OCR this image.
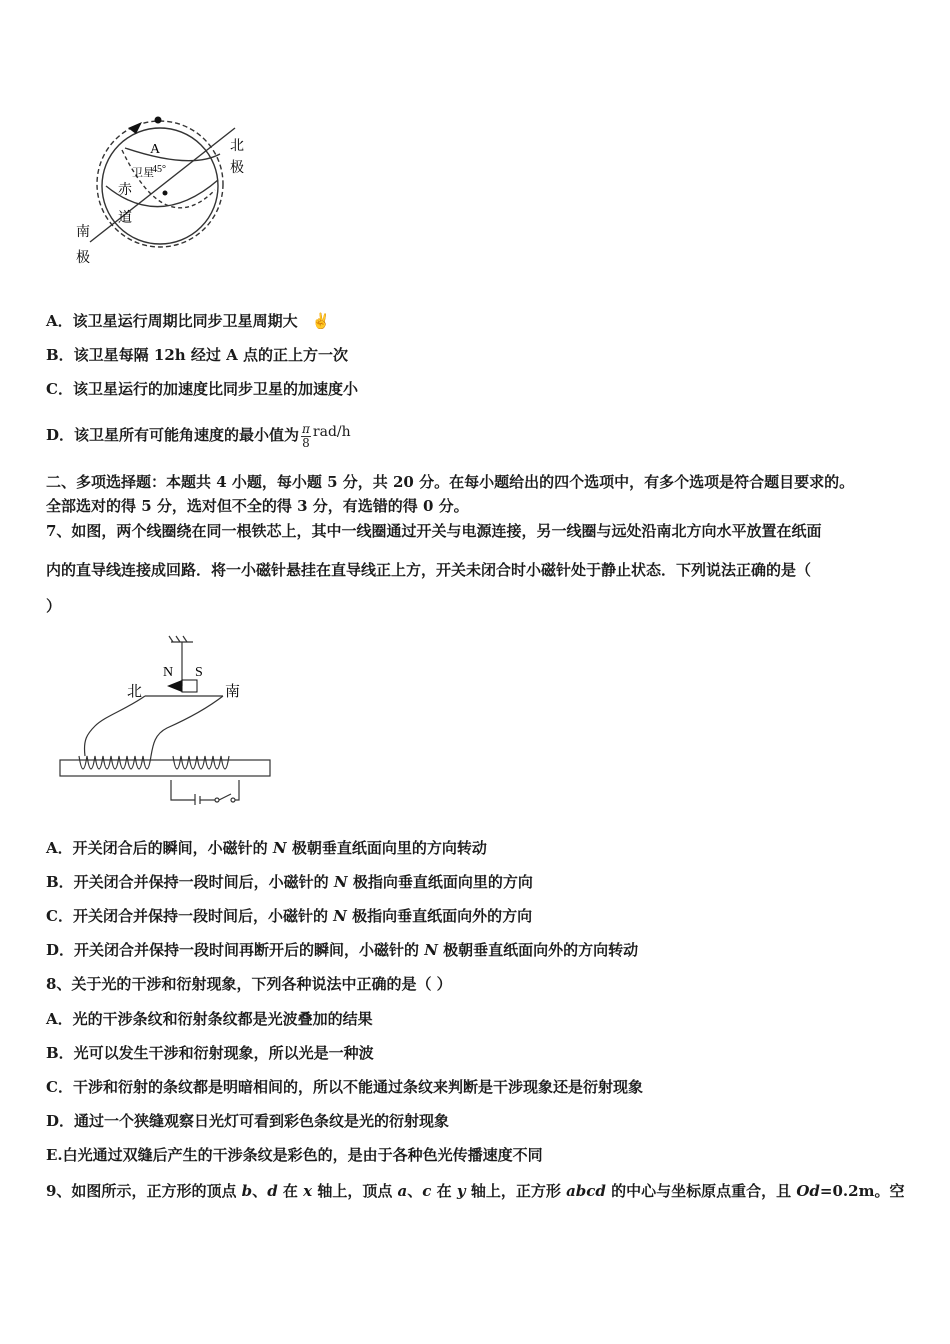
A
45°
卫星
北
极
赤
道
南
极
A．该卫星运行周期比同步卫星周期大 ✌
B．该卫星每隔 12h 经过 A 点的正上方一次
C．该卫星运行的加速度比同步卫星的加速度小
D．该卫星所有可能角速度的最小值为 $\frac{\pi}{8} rad/h$
二、多项选择题：本题共 4 小题，每小题 5 分，共 20 分。在每小题给出的四个选项中，有多个选项是符合题目要求的。
全部选对的得 5 分，选对但不全的得 3 分，有选错的得 0 分。
7、如图，两个线圈绕在同一根铁芯上，其中一线圈通过开关与电源连接，另一线圈与远处沿南北方向水平放置在纸面
内的直导线连接成回路．将一小磁针悬挂在直导线正上方，开关未闭合时小磁针处于静止状态．下列说法正确的是（
）
N S
北	南
A．开关闭合后的瞬间，小磁针的 N 极朝垂直纸面向里的方向转动
B．开关闭合并保持一段时间后，小磁针的 N 极指向垂直纸面向里的方向
C．开关闭合并保持一段时间后，小磁针的 N 极指向垂直纸面向外的方向
D．开关闭合并保持一段时间再断开后的瞬间，小磁针的 N 极朝垂直纸面向外的方向转动
8、关于光的干涉和衍射现象，下列各种说法中正确的是（ ）
A．光的干涉条纹和衍射条纹都是光波叠加的结果
B．光可以发生干涉和衍射现象，所以光是一种波
C．干涉和衍射的条纹都是明暗相间的，所以不能通过条纹来判断是干涉现象还是衍射现象
D．通过一个狭缝观察日光灯可看到彩色条纹是光的衍射现象
E.白光通过双缝后产生的干涉条纹是彩色的，是由于各种色光传播速度不同
9、如图所示，正方形的顶点 b、d 在 x 轴上，顶点 a、c 在 y 轴上，正方形 abcd 的中心与坐标原点重合，且 Od=0.2m。空
